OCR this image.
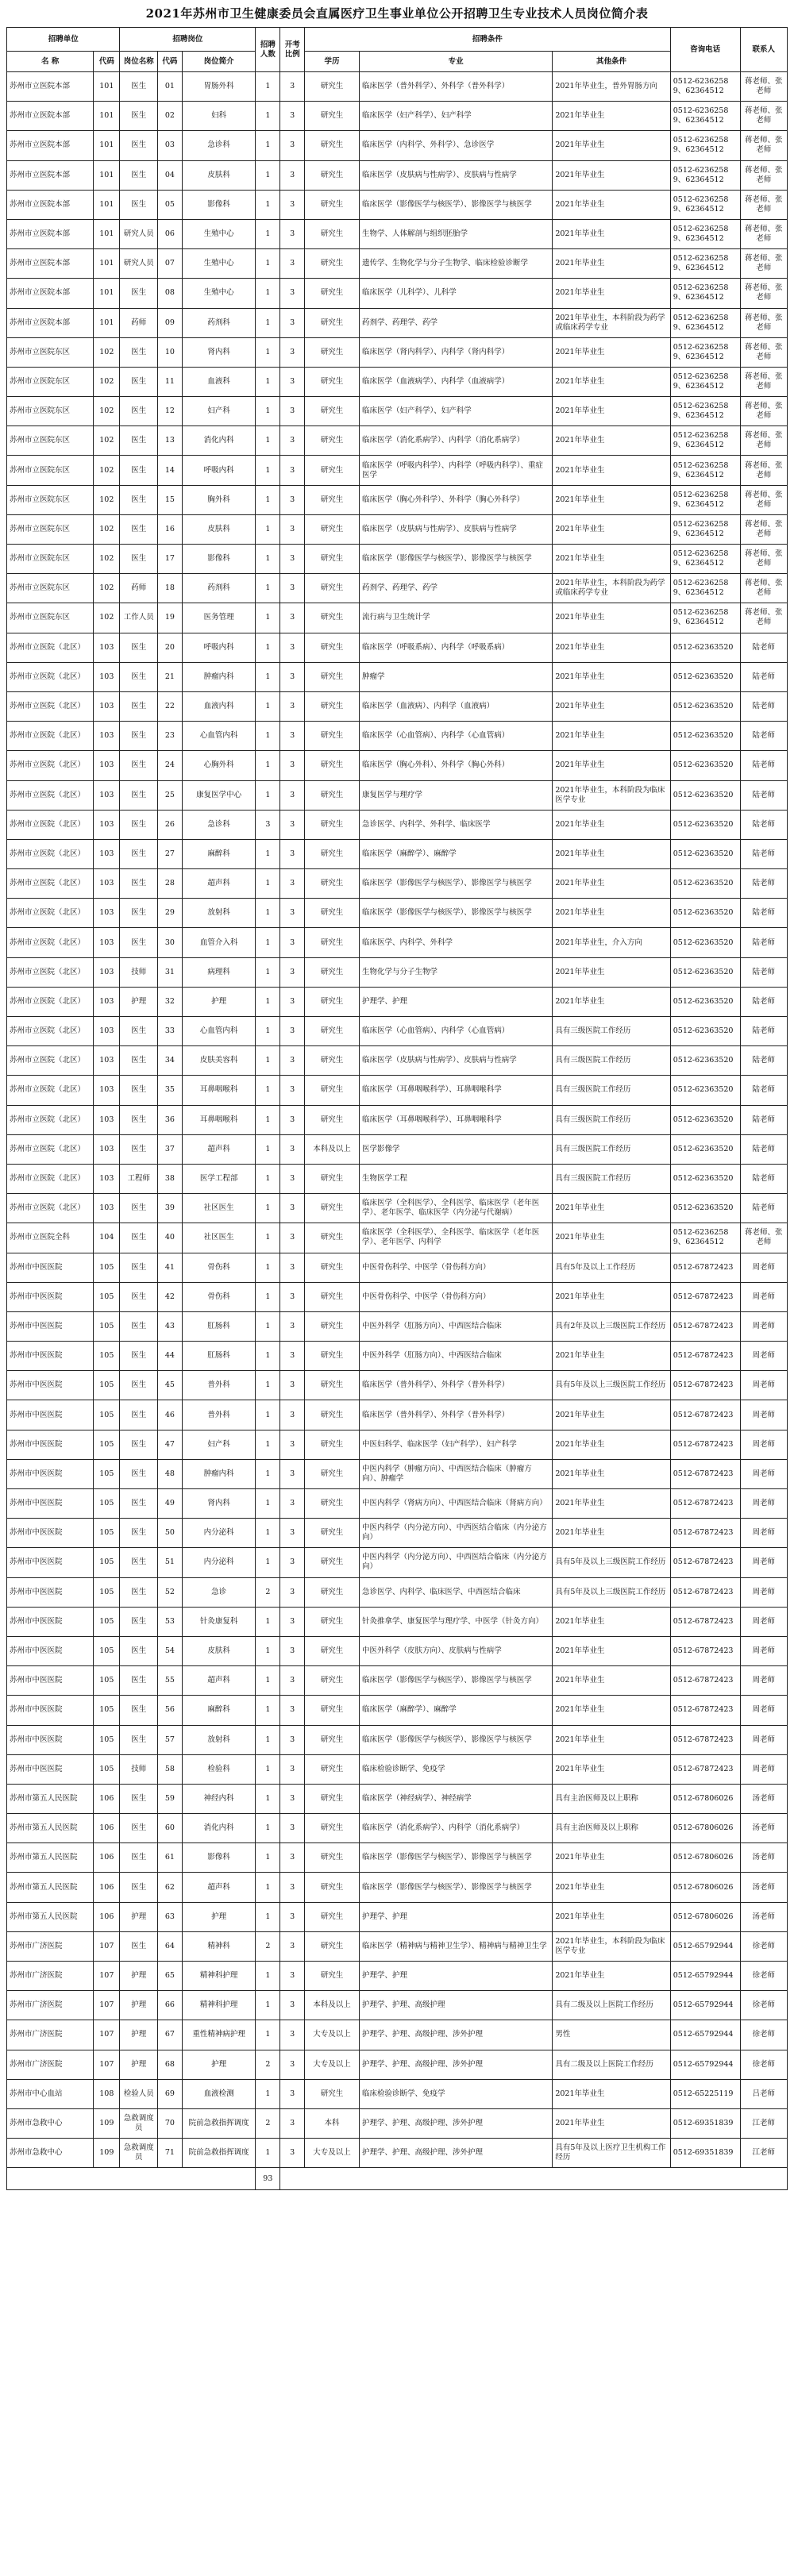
2021年苏州市卫生健康委员会直属医疗卫生事业单位公开招聘卫生专业技术人员岗位简介表
招聘单位		招聘岗位			招聘人数	开考比例	招聘条件			咨询电话	联系人
名 称	代码	岗位名称	代码	岗位简介			学历	专业	其他条件		
苏州市立医院本部	101	医生	01	胃肠外科	1	3	研究生	临床医学（普外科学）、外科学（普外科学）	2021年毕业生，普外胃肠方向	0512-62362589、62364512	蒋老师、张老师
苏州市立医院本部	101	医生	02	妇科	1	3	研究生	临床医学（妇产科学）、妇产科学	2021年毕业生	0512-62362589、62364512	蒋老师、张老师
苏州市立医院本部	101	医生	03	急诊科	1	3	研究生	临床医学（内科学、外科学）、急诊医学	2021年毕业生	0512-62362589、62364512	蒋老师、张老师
苏州市立医院本部	101	医生	04	皮肤科	1	3	研究生	临床医学（皮肤病与性病学）、皮肤病与性病学	2021年毕业生	0512-62362589、62364512	蒋老师、张老师
苏州市立医院本部	101	医生	05	影像科	1	3	研究生	临床医学（影像医学与核医学）、影像医学与核医学	2021年毕业生	0512-62362589、62364512	蒋老师、张老师
苏州市立医院本部	101	研究人员	06	生殖中心	1	3	研究生	生物学、人体解剖与组织胚胎学	2021年毕业生	0512-62362589、62364512	蒋老师、张老师
苏州市立医院本部	101	研究人员	07	生殖中心	1	3	研究生	遗传学、生物化学与分子生物学、临床检验诊断学	2021年毕业生	0512-62362589、62364512	蒋老师、张老师
苏州市立医院本部	101	医生	08	生殖中心	1	3	研究生	临床医学（儿科学）、儿科学	2021年毕业生	0512-62362589、62364512	蒋老师、张老师
苏州市立医院本部	101	药师	09	药剂科	1	3	研究生	药剂学、药理学、药学	2021年毕业生，本科阶段为药学或临床药学专业	0512-62362589、62364512	蒋老师、张老师
苏州市立医院东区	102	医生	10	肾内科	1	3	研究生	临床医学（肾内科学）、内科学（肾内科学）	2021年毕业生	0512-62362589、62364512	蒋老师、张老师
苏州市立医院东区	102	医生	11	血液科	1	3	研究生	临床医学（血液病学）、内科学（血液病学）	2021年毕业生	0512-62362589、62364512	蒋老师、张老师
苏州市立医院东区	102	医生	12	妇产科	1	3	研究生	临床医学（妇产科学）、妇产科学	2021年毕业生	0512-62362589、62364512	蒋老师、张老师
苏州市立医院东区	102	医生	13	消化内科	1	3	研究生	临床医学（消化系病学）、内科学（消化系病学）	2021年毕业生	0512-62362589、62364512	蒋老师、张老师
苏州市立医院东区	102	医生	14	呼吸内科	1	3	研究生	临床医学（呼吸内科学）、内科学（呼吸内科学）、重症医学	2021年毕业生	0512-62362589、62364512	蒋老师、张老师
苏州市立医院东区	102	医生	15	胸外科	1	3	研究生	临床医学（胸心外科学）、外科学（胸心外科学）	2021年毕业生	0512-62362589、62364512	蒋老师、张老师
苏州市立医院东区	102	医生	16	皮肤科	1	3	研究生	临床医学（皮肤病与性病学）、皮肤病与性病学	2021年毕业生	0512-62362589、62364512	蒋老师、张老师
苏州市立医院东区	102	医生	17	影像科	1	3	研究生	临床医学（影像医学与核医学）、影像医学与核医学	2021年毕业生	0512-62362589、62364512	蒋老师、张老师
苏州市立医院东区	102	药师	18	药剂科	1	3	研究生	药剂学、药理学、药学	2021年毕业生，本科阶段为药学或临床药学专业	0512-62362589、62364512	蒋老师、张老师
苏州市立医院东区	102	工作人员	19	医务管理	1	3	研究生	流行病与卫生统计学	2021年毕业生	0512-62362589、62364512	蒋老师、张老师
苏州市立医院（北区）	103	医生	20	呼吸内科	1	3	研究生	临床医学（呼吸系病）、内科学（呼吸系病）	2021年毕业生	0512-62363520	陆老师
苏州市立医院（北区）	103	医生	21	肿瘤内科	1	3	研究生	肿瘤学	2021年毕业生	0512-62363520	陆老师
苏州市立医院（北区）	103	医生	22	血液内科	1	3	研究生	临床医学（血液病）、内科学（血液病）	2021年毕业生	0512-62363520	陆老师
苏州市立医院（北区）	103	医生	23	心血管内科	1	3	研究生	临床医学（心血管病）、内科学（心血管病）	2021年毕业生	0512-62363520	陆老师
苏州市立医院（北区）	103	医生	24	心胸外科	1	3	研究生	临床医学（胸心外科）、外科学（胸心外科）	2021年毕业生	0512-62363520	陆老师
苏州市立医院（北区）	103	医生	25	康复医学中心	1	3	研究生	康复医学与理疗学	2021年毕业生，本科阶段为临床医学专业	0512-62363520	陆老师
苏州市立医院（北区）	103	医生	26	急诊科	3	3	研究生	急诊医学、内科学、外科学、临床医学	2021年毕业生	0512-62363520	陆老师
苏州市立医院（北区）	103	医生	27	麻醉科	1	3	研究生	临床医学（麻醉学）、麻醉学	2021年毕业生	0512-62363520	陆老师
苏州市立医院（北区）	103	医生	28	超声科	1	3	研究生	临床医学（影像医学与核医学）、影像医学与核医学	2021年毕业生	0512-62363520	陆老师
苏州市立医院（北区）	103	医生	29	放射科	1	3	研究生	临床医学（影像医学与核医学）、影像医学与核医学	2021年毕业生	0512-62363520	陆老师
苏州市立医院（北区）	103	医生	30	血管介入科	1	3	研究生	临床医学、内科学、外科学	2021年毕业生，介入方向	0512-62363520	陆老师
苏州市立医院（北区）	103	技师	31	病理科	1	3	研究生	生物化学与分子生物学	2021年毕业生	0512-62363520	陆老师
苏州市立医院（北区）	103	护理	32	护理	1	3	研究生	护理学、护理	2021年毕业生	0512-62363520	陆老师
苏州市立医院（北区）	103	医生	33	心血管内科	1	3	研究生	临床医学（心血管病）、内科学（心血管病）	具有三级医院工作经历	0512-62363520	陆老师
苏州市立医院（北区）	103	医生	34	皮肤美容科	1	3	研究生	临床医学（皮肤病与性病学）、皮肤病与性病学	具有三级医院工作经历	0512-62363520	陆老师
苏州市立医院（北区）	103	医生	35	耳鼻咽喉科	1	3	研究生	临床医学（耳鼻咽喉科学）、耳鼻咽喉科学	具有三级医院工作经历	0512-62363520	陆老师
苏州市立医院（北区）	103	医生	36	耳鼻咽喉科	1	3	研究生	临床医学（耳鼻咽喉科学）、耳鼻咽喉科学	具有三级医院工作经历	0512-62363520	陆老师
苏州市立医院（北区）	103	医生	37	超声科	1	3	本科及以上	医学影像学	具有三级医院工作经历	0512-62363520	陆老师
苏州市立医院（北区）	103	工程师	38	医学工程部	1	3	研究生	生物医学工程	具有三级医院工作经历	0512-62363520	陆老师
苏州市立医院（北区）	103	医生	39	社区医生	1	3	研究生	临床医学（全科医学）、全科医学、临床医学（老年医学）、老年医学、临床医学（内分泌与代谢病）	2021年毕业生	0512-62363520	陆老师
苏州市立医院全科	104	医生	40	社区医生	1	3	研究生	临床医学（全科医学）、全科医学、临床医学（老年医学）、老年医学、内科学	2021年毕业生	0512-62362589、62364512	蒋老师、张老师
苏州市中医医院	105	医生	41	骨伤科	1	3	研究生	中医骨伤科学、中医学（骨伤科方向）	具有5年及以上工作经历	0512-67872423	周老师
苏州市中医医院	105	医生	42	骨伤科	1	3	研究生	中医骨伤科学、中医学（骨伤科方向）	2021年毕业生	0512-67872423	周老师
苏州市中医医院	105	医生	43	肛肠科	1	3	研究生	中医外科学（肛肠方向）、中西医结合临床	具有2年及以上三级医院工作经历	0512-67872423	周老师
苏州市中医医院	105	医生	44	肛肠科	1	3	研究生	中医外科学（肛肠方向）、中西医结合临床	2021年毕业生	0512-67872423	周老师
苏州市中医医院	105	医生	45	普外科	1	3	研究生	临床医学（普外科学）、外科学（普外科学）	具有5年及以上三级医院工作经历	0512-67872423	周老师
苏州市中医医院	105	医生	46	普外科	1	3	研究生	临床医学（普外科学）、外科学（普外科学）	2021年毕业生	0512-67872423	周老师
苏州市中医医院	105	医生	47	妇产科	1	3	研究生	中医妇科学、临床医学（妇产科学）、妇产科学	2021年毕业生	0512-67872423	周老师
苏州市中医医院	105	医生	48	肿瘤内科	1	3	研究生	中医内科学（肿瘤方向）、中西医结合临床（肿瘤方向）、肿瘤学	2021年毕业生	0512-67872423	周老师
苏州市中医医院	105	医生	49	肾内科	1	3	研究生	中医内科学（肾病方向）、中西医结合临床（肾病方向）	2021年毕业生	0512-67872423	周老师
苏州市中医医院	105	医生	50	内分泌科	1	3	研究生	中医内科学（内分泌方向）、中西医结合临床（内分泌方向）	2021年毕业生	0512-67872423	周老师
苏州市中医医院	105	医生	51	内分泌科	1	3	研究生	中医内科学（内分泌方向）、中西医结合临床（内分泌方向）	具有5年及以上三级医院工作经历	0512-67872423	周老师
苏州市中医医院	105	医生	52	急诊	2	3	研究生	急诊医学、内科学、临床医学、中西医结合临床	具有5年及以上三级医院工作经历	0512-67872423	周老师
苏州市中医医院	105	医生	53	针灸康复科	1	3	研究生	针灸推拿学、康复医学与理疗学、中医学（针灸方向）	2021年毕业生	0512-67872423	周老师
苏州市中医医院	105	医生	54	皮肤科	1	3	研究生	中医外科学（皮肤方向）、皮肤病与性病学	2021年毕业生	0512-67872423	周老师
苏州市中医医院	105	医生	55	超声科	1	3	研究生	临床医学（影像医学与核医学）、影像医学与核医学	2021年毕业生	0512-67872423	周老师
苏州市中医医院	105	医生	56	麻醉科	1	3	研究生	临床医学（麻醉学）、麻醉学	2021年毕业生	0512-67872423	周老师
苏州市中医医院	105	医生	57	放射科	1	3	研究生	临床医学（影像医学与核医学）、影像医学与核医学	2021年毕业生	0512-67872423	周老师
苏州市中医医院	105	技师	58	检验科	1	3	研究生	临床检验诊断学、免疫学	2021年毕业生	0512-67872423	周老师
苏州市第五人民医院	106	医生	59	神经内科	1	3	研究生	临床医学（神经病学）、神经病学	具有主治医师及以上职称	0512-67806026	汤老师
苏州市第五人民医院	106	医生	60	消化内科	1	3	研究生	临床医学（消化系病学）、内科学（消化系病学）	具有主治医师及以上职称	0512-67806026	汤老师
苏州市第五人民医院	106	医生	61	影像科	1	3	研究生	临床医学（影像医学与核医学）、影像医学与核医学	2021年毕业生	0512-67806026	汤老师
苏州市第五人民医院	106	医生	62	超声科	1	3	研究生	临床医学（影像医学与核医学）、影像医学与核医学	2021年毕业生	0512-67806026	汤老师
苏州市第五人民医院	106	护理	63	护理	1	3	研究生	护理学、护理	2021年毕业生	0512-67806026	汤老师
苏州市广济医院	107	医生	64	精神科	2	3	研究生	临床医学（精神病与精神卫生学）、精神病与精神卫生学	2021年毕业生，本科阶段为临床医学专业	0512-65792944	徐老师
苏州市广济医院	107	护理	65	精神科护理	1	3	研究生	护理学、护理	2021年毕业生	0512-65792944	徐老师
苏州市广济医院	107	护理	66	精神科护理	1	3	本科及以上	护理学、护理、高级护理	具有二级及以上医院工作经历	0512-65792944	徐老师
苏州市广济医院	107	护理	67	重性精神病护理	1	3	大专及以上	护理学、护理、高级护理、涉外护理	男性	0512-65792944	徐老师
苏州市广济医院	107	护理	68	护理	2	3	大专及以上	护理学、护理、高级护理、涉外护理	具有二级及以上医院工作经历	0512-65792944	徐老师
苏州市中心血站	108	检验人员	69	血液检测	1	3	研究生	临床检验诊断学、免疫学	2021年毕业生	0512-65225119	吕老师
苏州市急救中心	109	急救调度员	70	院前急救指挥调度	2	3	本科	护理学、护理、高级护理、涉外护理	2021年毕业生	0512-69351839	江老师
苏州市急救中心	109	急救调度员	71	院前急救指挥调度	1	3	大专及以上	护理学、护理、高级护理、涉外护理	具有5年及以上医疗卫生机构工作经历	0512-69351839	江老师
					93						
